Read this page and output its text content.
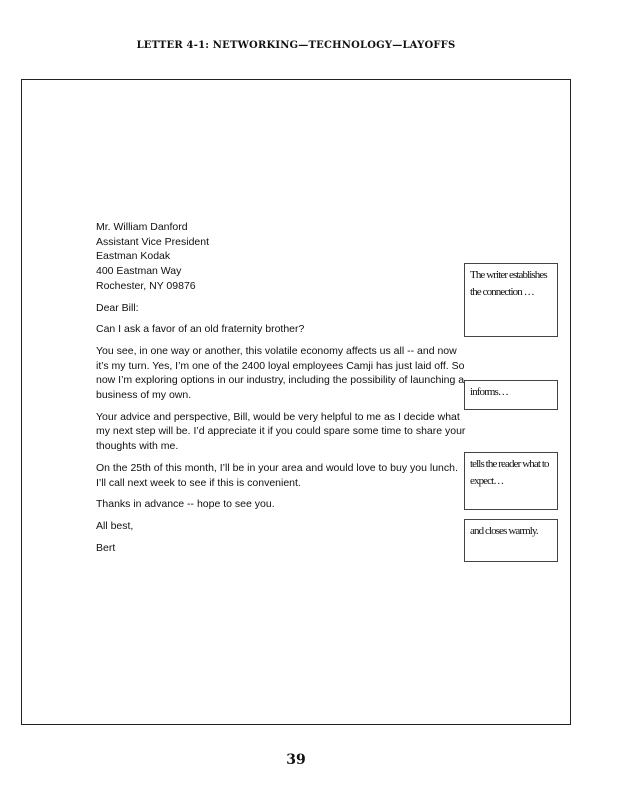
LETTER 4-1: NETWORKING—TECHNOLOGY—LAYOFFS
Mr. William Danford
Assistant Vice President
Eastman Kodak
400 Eastman Way
Rochester, NY 09876

Dear Bill:

Can I ask a favor of an old fraternity brother?

You see, in one way or another, this volatile economy affects us all -- and now it’s my turn. Yes, I’m one of the 2400 loyal employees Camji has just laid off. So now I’m exploring options in our industry, including the possibility of launching a business of my own.

Your advice and perspective, Bill, would be very helpful to me as I decide what my next step will be. I’d appreciate it if you could spare some time to share your thoughts with me.

On the 25th of this month, I’ll be in your area and would love to buy you lunch. I’ll call next week to see if this is convenient.

Thanks in advance -- hope to see you.

All best,

Bert

The writer establishes the connection …
informs…
tells the reader what to expect…
and closes warmly.
39
